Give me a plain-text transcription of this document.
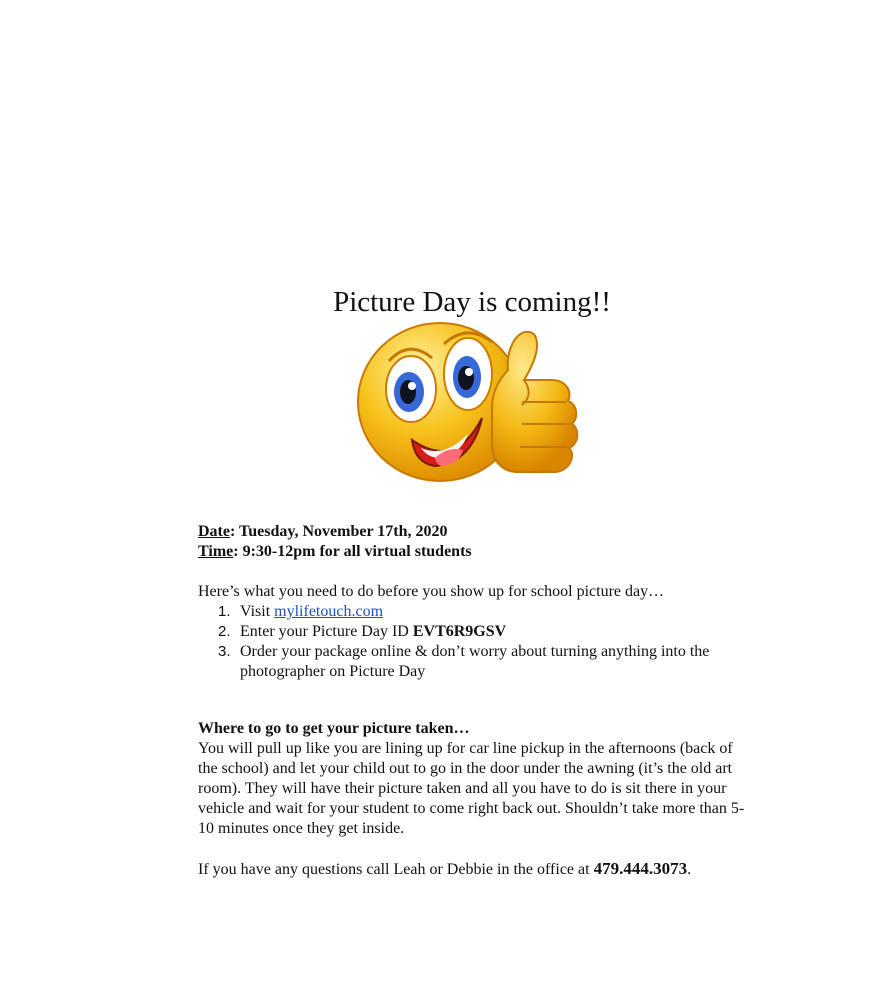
Picture Day is coming!!
Date: Tuesday, November 17th, 2020
Time: 9:30-12pm for all virtual students
Here’s what you need to do before you show up for school picture day…
1. Visit mylifetouch.com
2. Enter your Picture Day ID EVT6R9GSV
3. Order your package online & don’t worry about turning anything into the photographer on Picture Day
Where to go to get your picture taken…
You will pull up like you are lining up for car line pickup in the afternoons (back of the school) and let your child out to go in the door under the awning (it’s the old art room). They will have their picture taken and all you have to do is sit there in your vehicle and wait for your student to come right back out. Shouldn’t take more than 5-10 minutes once they get inside.
If you have any questions call Leah or Debbie in the office at 479.444.3073.
